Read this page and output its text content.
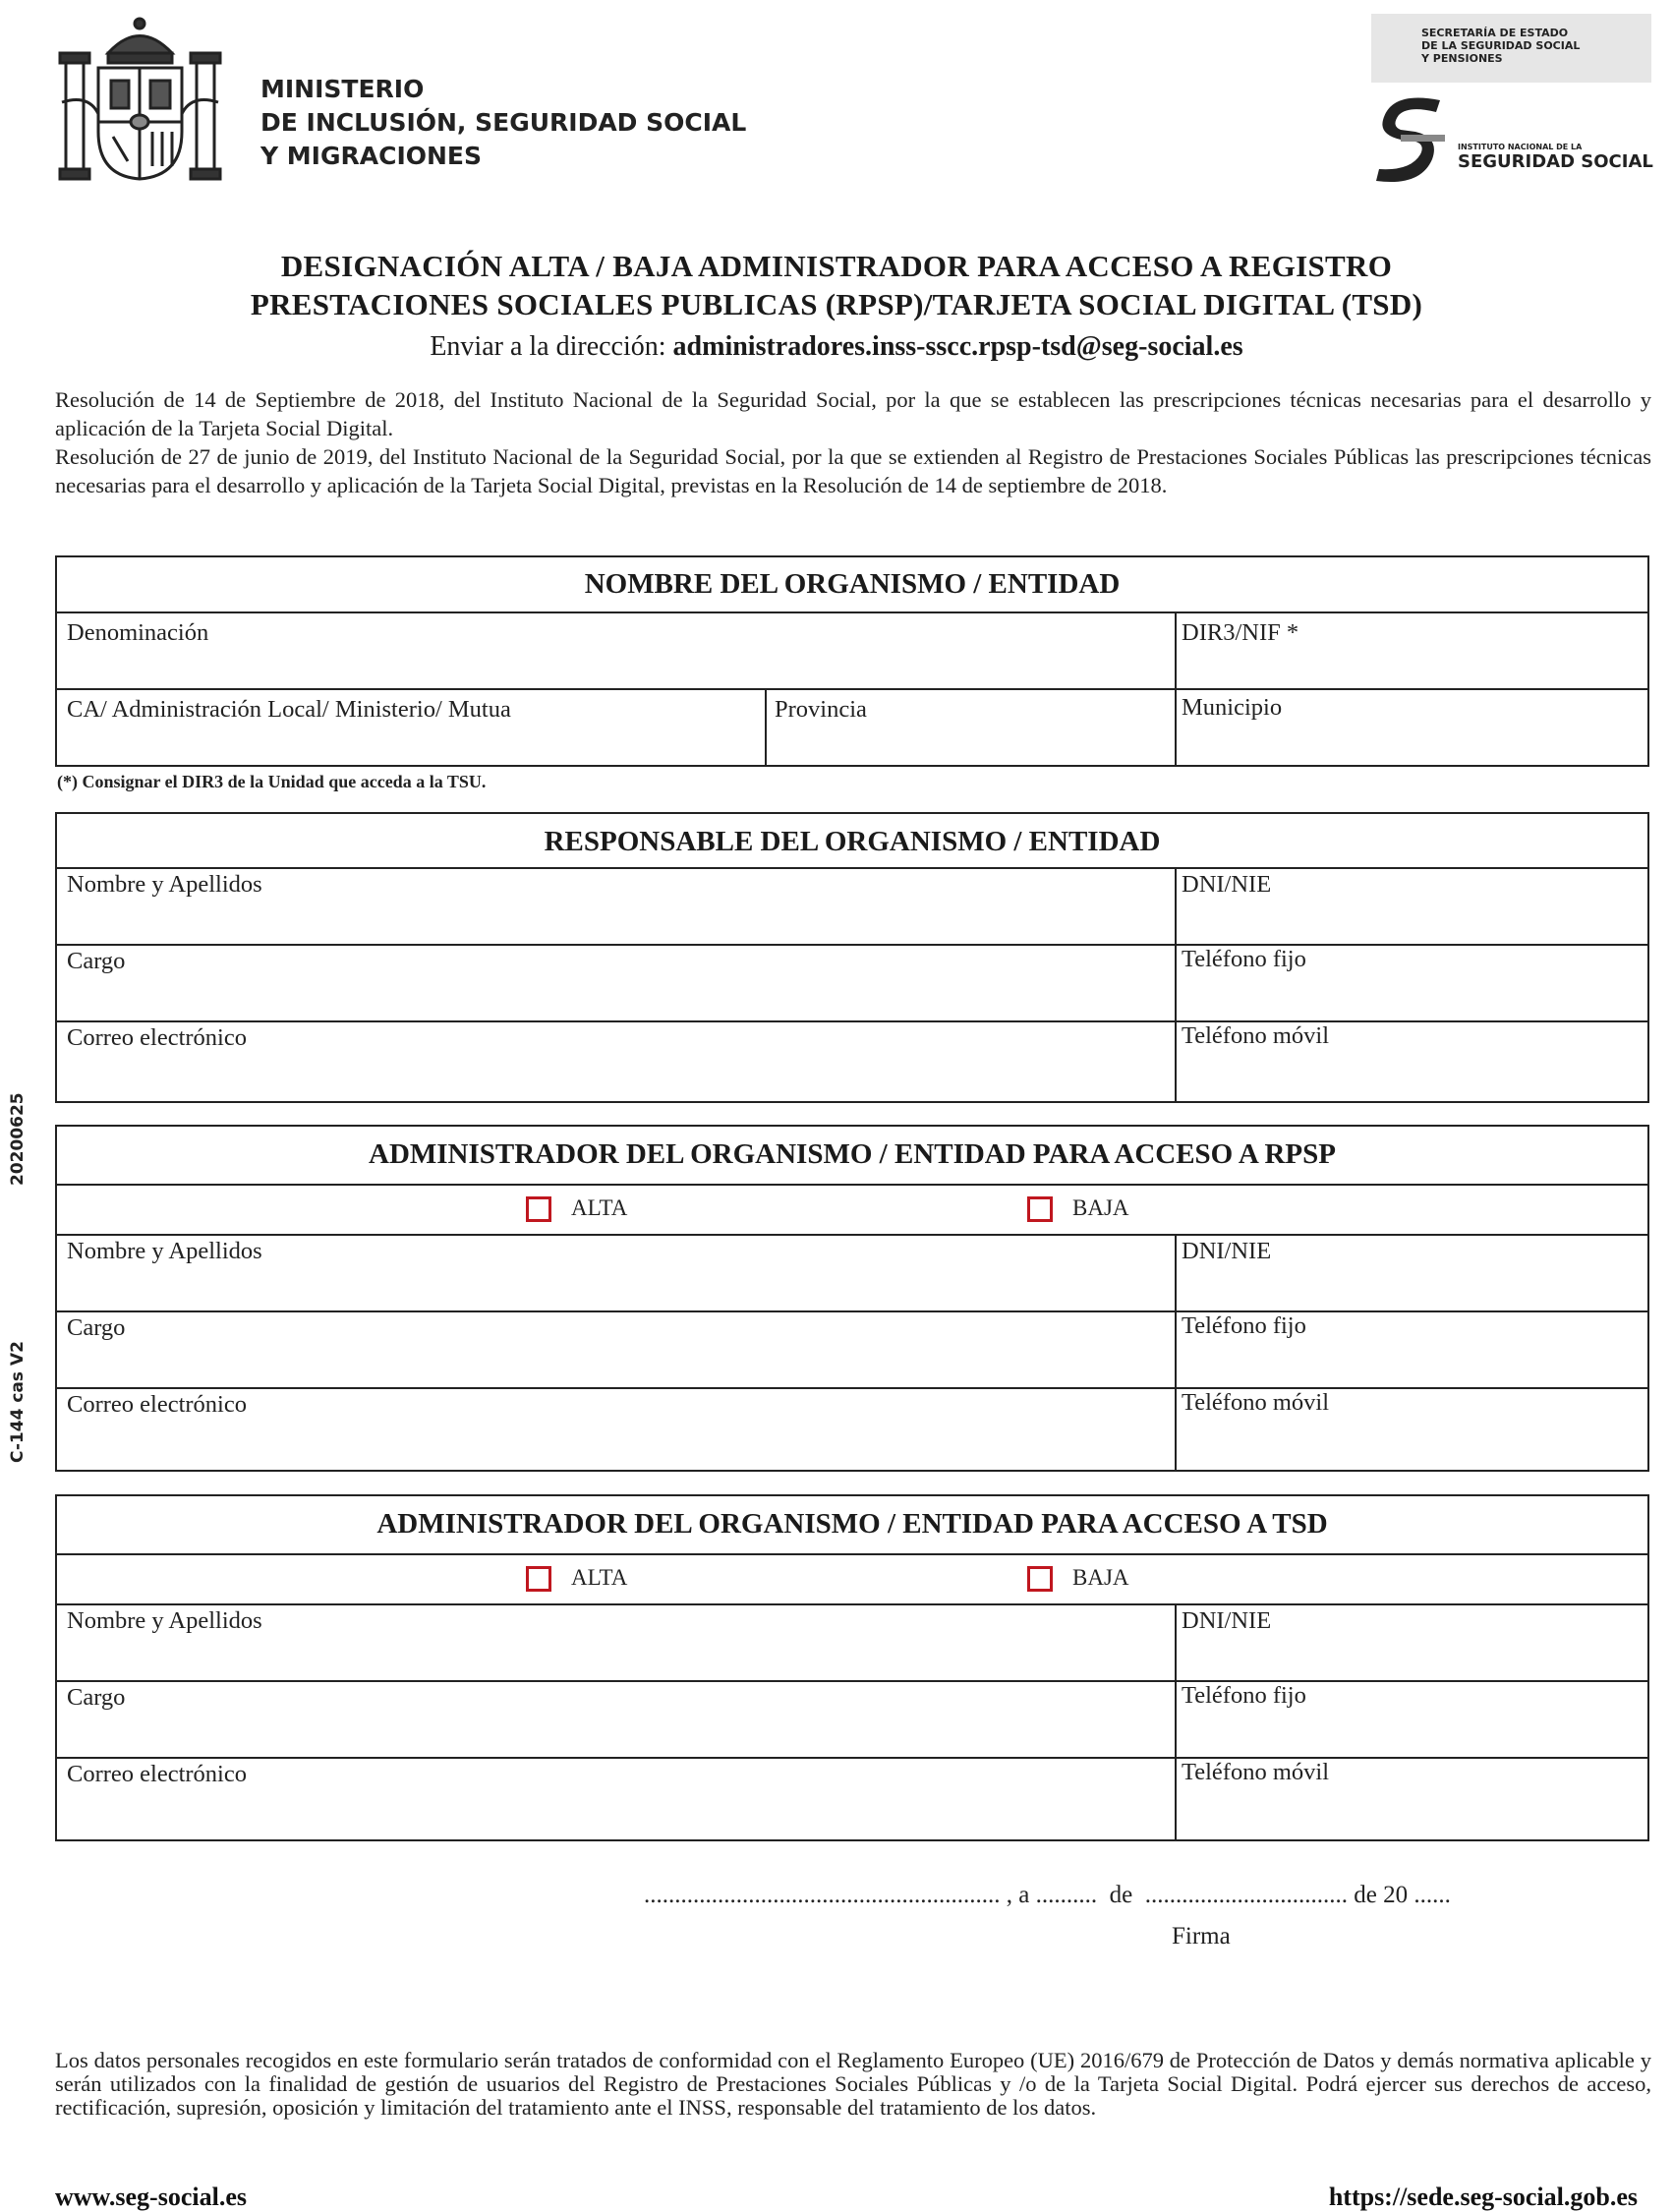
MINISTERIO
DE INCLUSIÓN, SEGURIDAD SOCIAL
Y MIGRACIONES
SECRETARÍA DE ESTADO
DE LA SEGURIDAD SOCIAL
Y PENSIONES
INSTITUTO NACIONAL DE LA
SEGURIDAD SOCIAL
DESIGNACIÓN ALTA / BAJA ADMINISTRADOR PARA ACCESO A REGISTRO
PRESTACIONES SOCIALES PUBLICAS (RPSP)/TARJETA SOCIAL DIGITAL (TSD)
Enviar a la dirección: administradores.inss-sscc.rpsp-tsd@seg-social.es
Resolución de 14 de Septiembre de 2018, del Instituto Nacional de la Seguridad Social, por la que se establecen las prescripciones técnicas necesarias para el desarrollo y aplicación de la Tarjeta Social Digital.
Resolución de 27 de junio de 2019, del Instituto Nacional de la Seguridad Social, por la que se extienden al Registro de Prestaciones Sociales Públicas las prescripciones técnicas necesarias para el desarrollo y aplicación de la Tarjeta Social Digital, previstas en la Resolución de 14 de septiembre de 2018.
NOMBRE DEL ORGANISMO / ENTIDAD
Denominación	DIR3/NIF *
CA/ Administración Local/ Ministerio/ Mutua	Provincia	Municipio
(*) Consignar el DIR3 de la Unidad que acceda a la TSU.
RESPONSABLE DEL ORGANISMO / ENTIDAD
Nombre y Apellidos	DNI/NIE
Cargo	Teléfono fijo
Correo electrónico	Teléfono móvil
ADMINISTRADOR DEL ORGANISMO / ENTIDAD PARA ACCESO A RPSP
ALTA	BAJA
Nombre y Apellidos	DNI/NIE
Cargo	Teléfono fijo
Correo electrónico	Teléfono móvil
ADMINISTRADOR DEL ORGANISMO / ENTIDAD PARA ACCESO A TSD
ALTA	BAJA
Nombre y Apellidos	DNI/NIE
Cargo	Teléfono fijo
Correo electrónico	Teléfono móvil
20200625
C-144 cas V2
.......................................................... , a .......... de ................................. de 20 ......
Firma
Los datos personales recogidos en este formulario serán tratados de conformidad con el Reglamento Europeo (UE) 2016/679 de Protección de Datos y demás normativa aplicable y serán utilizados con la finalidad de gestión de usuarios del Registro de Prestaciones Sociales Públicas y /o de la Tarjeta Social Digital. Podrá ejercer sus derechos de acceso, rectificación, supresión, oposición y limitación del tratamiento ante el INSS, responsable del tratamiento de los datos.
www.seg-social.es	https://sede.seg-social.gob.es
